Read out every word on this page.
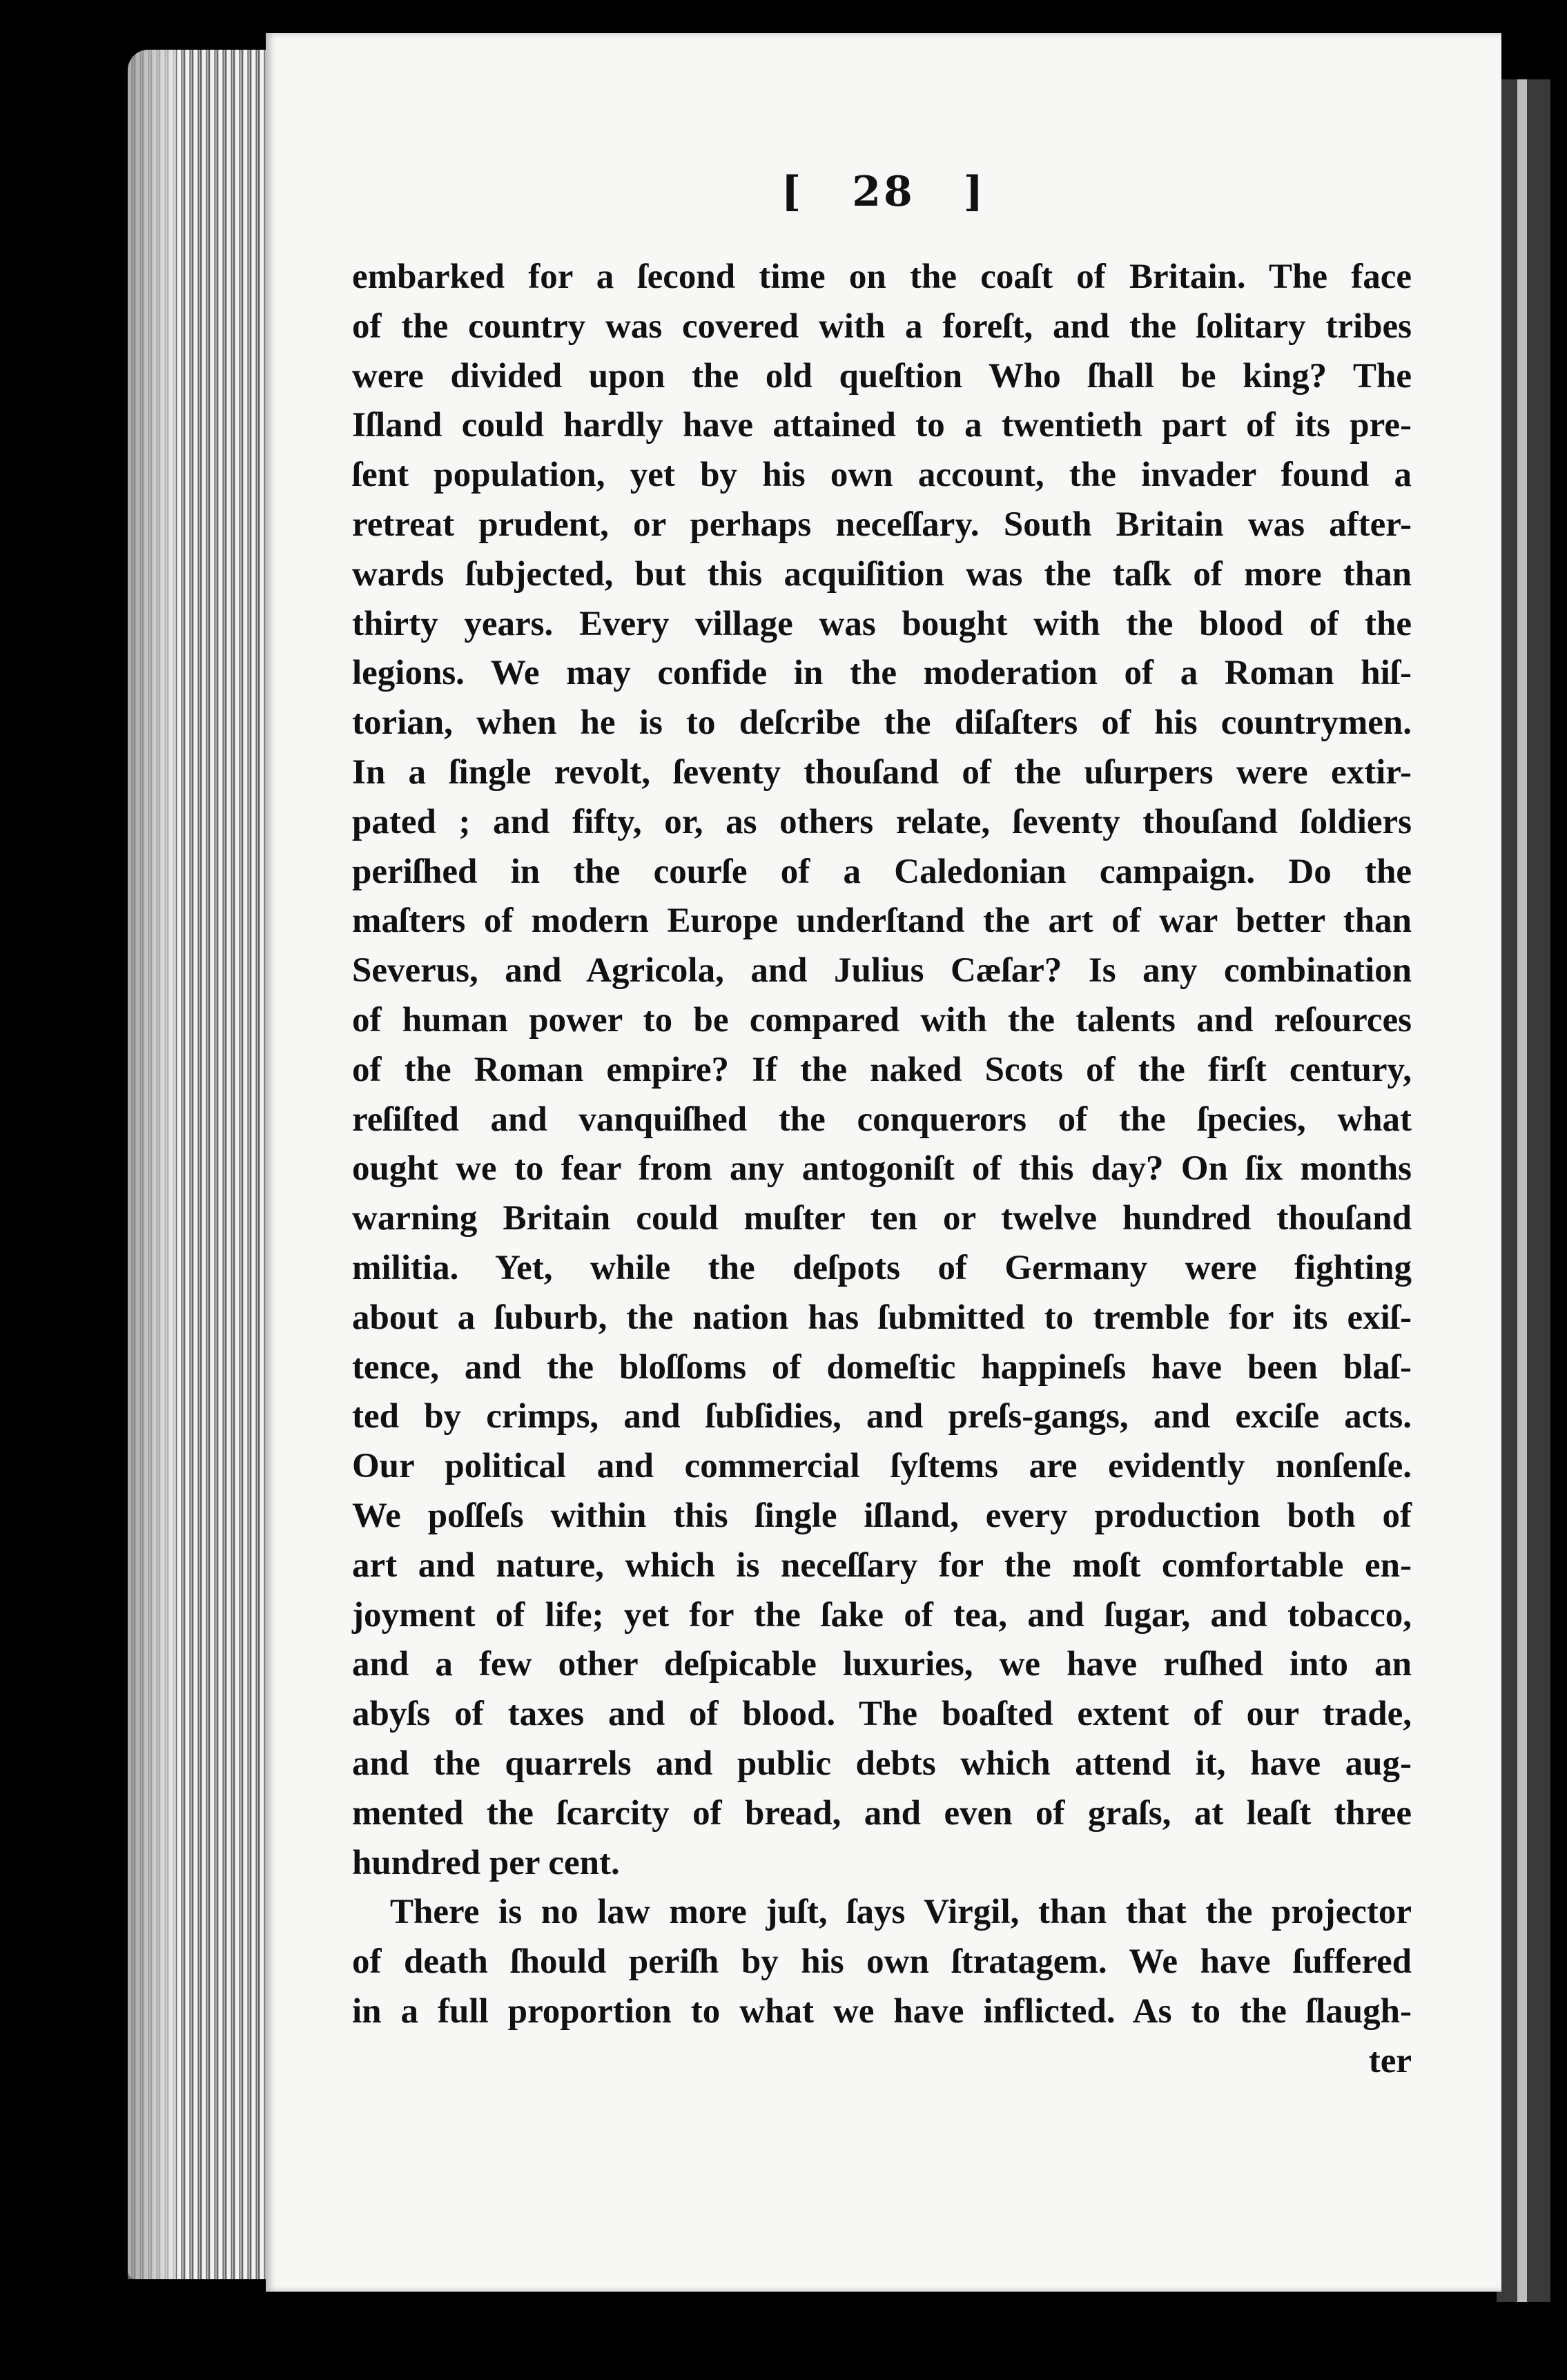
[ 28 ]
embarked for a ſecond time on the coaſt of Britain. The face
of the country was covered with a foreſt, and the ſolitary tribes
were divided upon the old queſtion Who ſhall be king? The
Iſland could hardly have attained to a twentieth part of its pre-
ſent population, yet by his own account, the invader found a
retreat prudent, or perhaps neceſſary. South Britain was after-
wards ſubjected, but this acquiſition was the taſk of more than
thirty years. Every village was bought with the blood of the
legions. We may confide in the moderation of a Roman hiſ-
torian, when he is to deſcribe the diſaſters of his countrymen.
In a ſingle revolt, ſeventy thouſand of the uſurpers were extir-
pated ; and fifty, or, as others relate, ſeventy thouſand ſoldiers
periſhed in the courſe of a Caledonian campaign. Do the
maſters of modern Europe underſtand the art of war better than
Severus, and Agricola, and Julius Cæſar? Is any combination
of human power to be compared with the talents and reſources
of the Roman empire? If the naked Scots of the firſt century,
reſiſted and vanquiſhed the conquerors of the ſpecies, what
ought we to fear from any antogoniſt of this day? On ſix months
warning Britain could muſter ten or twelve hundred thouſand
militia. Yet, while the deſpots of Germany were fighting
about a ſuburb, the nation has ſubmitted to tremble for its exiſ-
tence, and the bloſſoms of domeſtic happineſs have been blaſ-
ted by crimps, and ſubſidies, and preſs-gangs, and exciſe acts.
Our political and commercial ſyſtems are evidently nonſenſe.
We poſſeſs within this ſingle iſland, every production both of
art and nature, which is neceſſary for the moſt comfortable en-
joyment of life; yet for the ſake of tea, and ſugar, and tobacco,
and a few other deſpicable luxuries, we have ruſhed into an
abyſs of taxes and of blood. The boaſted extent of our trade,
and the quarrels and public debts which attend it, have aug-
mented the ſcarcity of bread, and even of graſs, at leaſt three
hundred per cent.
There is no law more juſt, ſays Virgil, than that the projector
of death ſhould periſh by his own ſtratagem. We have ſuffered
in a full proportion to what we have inflicted. As to the ſlaugh-
ter
